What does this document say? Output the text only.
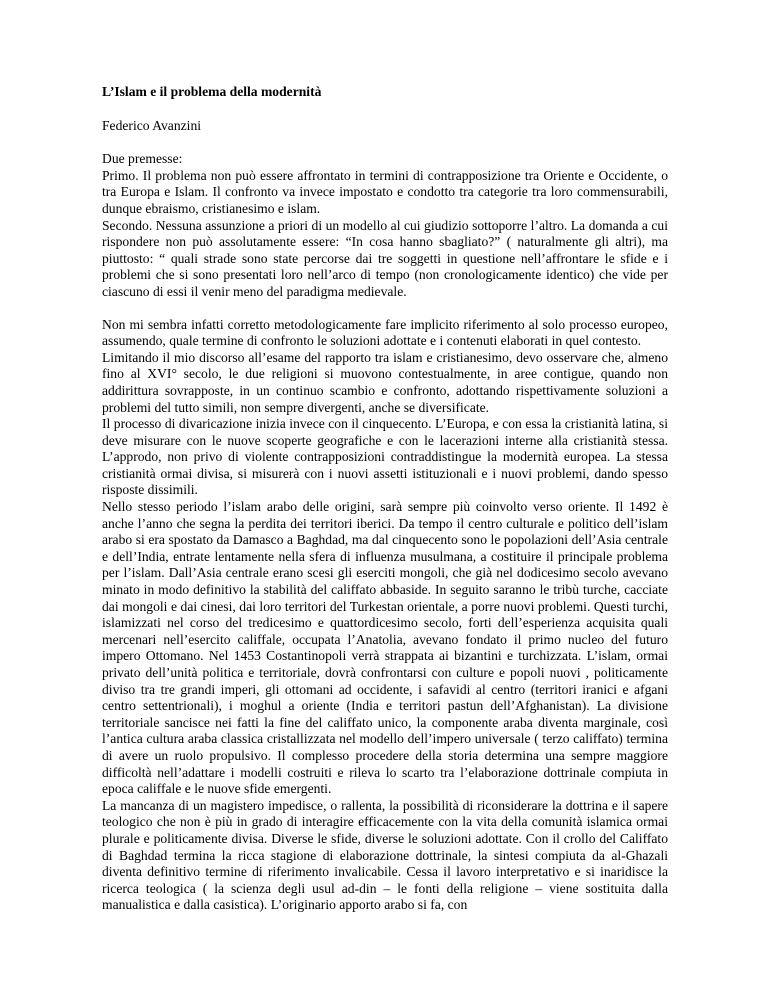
L’Islam e il problema della modernità

Federico Avanzini

Due premesse:

Primo. Il problema non può essere affrontato in termini di contrapposizione tra Oriente e Occidente, o tra Europa e Islam. Il confronto va invece impostato e condotto tra categorie tra loro commensurabili, dunque ebraismo, cristianesimo e islam.

Secondo. Nessuna assunzione a priori di un modello al cui giudizio sottoporre l’altro. La domanda a cui rispondere non può assolutamente essere: “In cosa hanno sbagliato?” ( naturalmente gli altri), ma piuttosto: “ quali strade sono state percorse dai tre soggetti in questione nell’affrontare le sfide e i problemi che si sono presentati loro nell’arco di tempo (non cronologicamente identico) che vide per ciascuno di essi il venir meno del paradigma medievale.

Non mi sembra infatti corretto metodologicamente fare implicito riferimento al solo processo europeo, assumendo, quale termine di confronto le soluzioni adottate e i contenuti elaborati in quel contesto.

Limitando il mio discorso all’esame del rapporto tra islam e cristianesimo, devo osservare che, almeno fino al XVI° secolo, le due religioni si muovono contestualmente, in aree contigue, quando non addirittura sovrapposte, in un continuo scambio e confronto, adottando rispettivamente soluzioni a problemi del tutto simili, non sempre divergenti, anche se diversificate.

Il processo di divaricazione inizia invece con il cinquecento. L’Europa, e con essa la cristianità latina, si deve misurare con le nuove scoperte geografiche e con le lacerazioni interne alla cristianità stessa. L’approdo, non privo di violente contrapposizioni contraddistingue la modernità europea. La stessa cristianità ormai divisa, si misurerà con i nuovi assetti istituzionali e i nuovi problemi, dando spesso risposte dissimili.

Nello stesso periodo l’islam arabo delle origini, sarà sempre più coinvolto verso oriente. Il 1492 è anche l’anno che segna la perdita dei territori iberici. Da tempo il centro culturale e politico dell’islam arabo si era spostato da Damasco a Baghdad, ma dal cinquecento sono le popolazioni dell’Asia centrale e dell’India, entrate lentamente nella sfera di influenza musulmana, a costituire il principale problema per l’islam. Dall’Asia centrale erano scesi gli eserciti mongoli, che già nel dodicesimo secolo avevano minato in modo definitivo la stabilità del califfato abbaside. In seguito saranno le tribù turche, cacciate dai mongoli e dai cinesi, dai loro territori del Turkestan orientale, a porre nuovi problemi. Questi turchi, islamizzati nel corso del tredicesimo e quattordicesimo secolo, forti dell’esperienza acquisita quali mercenari nell’esercito califfale, occupata l’Anatolia, avevano fondato il primo nucleo del futuro impero Ottomano. Nel 1453 Costantinopoli verrà strappata ai bizantini e turchizzata. L’islam, ormai privato dell’unità politica e territoriale, dovrà confrontarsi con culture e popoli nuovi , politicamente diviso tra tre grandi imperi, gli ottomani ad occidente, i safavidi al centro (territori iranici e afgani centro settentrionali), i moghul a oriente (India e territori pastun dell’Afghanistan). La divisione territoriale sancisce nei fatti la fine del califfato unico, la componente araba diventa marginale, così l’antica cultura araba classica cristallizzata nel modello dell’impero universale ( terzo califfato) termina di avere un ruolo propulsivo. Il complesso procedere della storia determina una sempre maggiore difficoltà nell’adattare i modelli costruiti e rileva lo scarto tra l’elaborazione dottrinale compiuta in epoca califfale e le nuove sfide emergenti.

La mancanza di un magistero impedisce, o rallenta, la possibilità di riconsiderare la dottrina e il sapere teologico che non è più in grado di interagire efficacemente con la vita della comunità islamica ormai plurale e politicamente divisa. Diverse le sfide, diverse le soluzioni adottate. Con il crollo del Califfato di Baghdad termina la ricca stagione di elaborazione dottrinale, la sintesi compiuta da al-Ghazali diventa definitivo termine di riferimento invalicabile. Cessa il lavoro interpretativo e si inaridisce la ricerca teologica ( la scienza degli usul ad-din – le fonti della religione – viene sostituita dalla manualistica e dalla casistica). L’originario apporto arabo si fa, con
